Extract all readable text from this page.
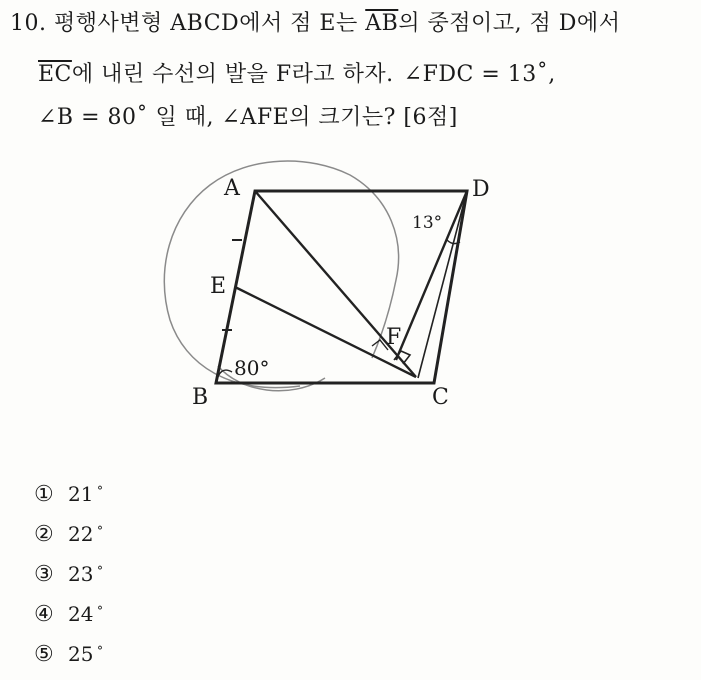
10. 평행사변형 ABCD에서 점 E는 $\overline{AB}$의 중점이고, 점 D에서
$\overline{EC}$에 내린 수선의 발을 F라고 하자. ∠FDC = 13˚,
∠B = 80˚ 일 때, ∠AFE의 크기는? [6점]
A	D
E
F
B	C
80°
13°
① 21 ˚
② 22 ˚
③ 23 ˚
④ 24 ˚
⑤ 25 ˚
